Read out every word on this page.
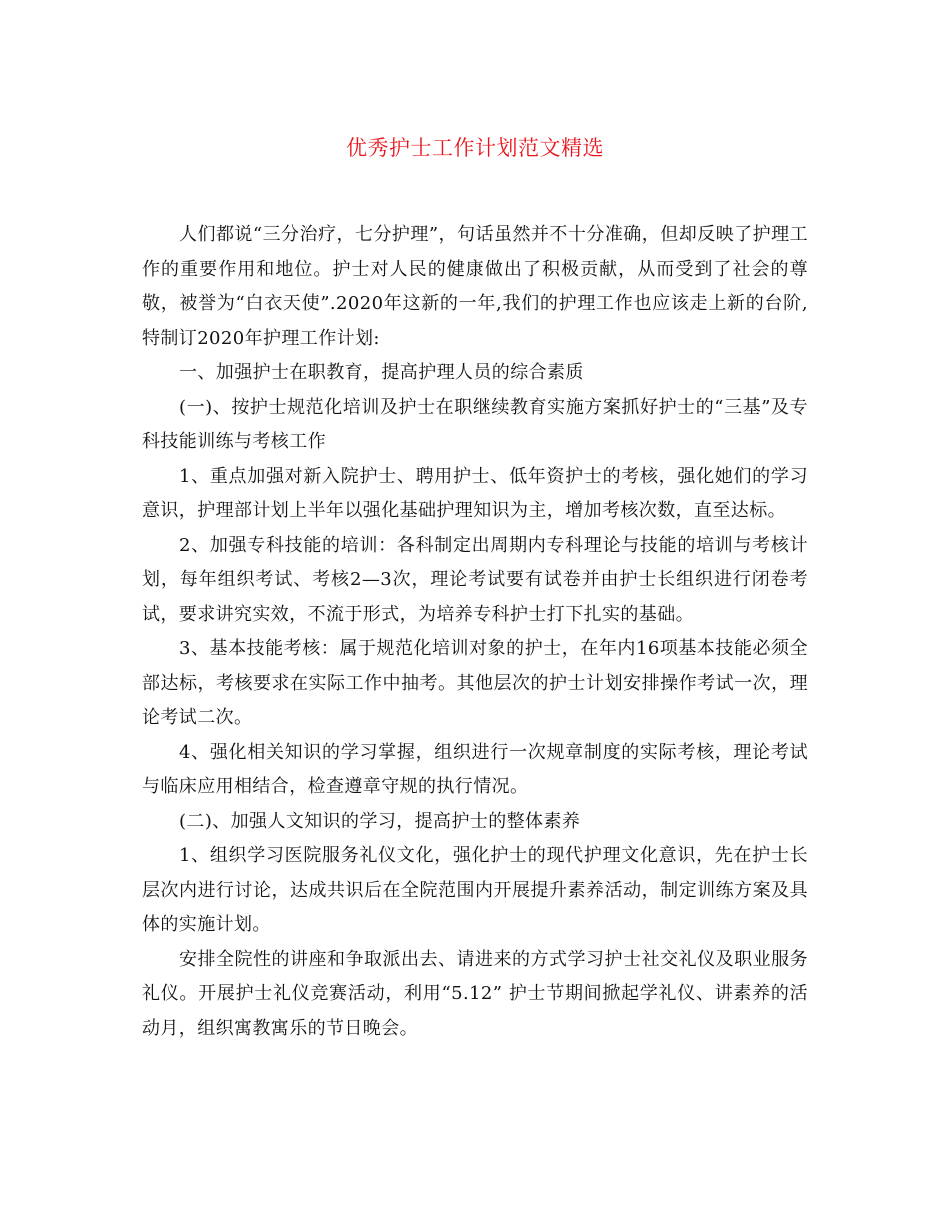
优秀护士工作计划范文精选

人们都说“三分治疗，七分护理”，句话虽然并不十分准确，但却反映了护理工作的重要作用和地位。护士对人民的健康做出了积极贡献，从而受到了社会的尊敬，被誉为“白衣天使”.2020年这新的一年,我们的护理工作也应该走上新的台阶,特制订2020年护理工作计划:

一、加强护士在职教育，提高护理人员的综合素质

(一)、按护士规范化培训及护士在职继续教育实施方案抓好护士的“三基”及专科技能训练与考核工作

1、重点加强对新入院护士、聘用护士、低年资护士的考核，强化她们的学习意识，护理部计划上半年以强化基础护理知识为主，增加考核次数，直至达标。

2、加强专科技能的培训：各科制定出周期内专科理论与技能的培训与考核计划，每年组织考试、考核2—3次，理论考试要有试卷并由护士长组织进行闭卷考试，要求讲究实效，不流于形式，为培养专科护士打下扎实的基础。

3、基本技能考核：属于规范化培训对象的护士，在年内16项基本技能必须全部达标，考核要求在实际工作中抽考。其他层次的护士计划安排操作考试一次，理论考试二次。

4、强化相关知识的学习掌握，组织进行一次规章制度的实际考核，理论考试与临床应用相结合，检查遵章守规的执行情况。

(二)、加强人文知识的学习，提高护士的整体素养

1、组织学习医院服务礼仪文化，强化护士的现代护理文化意识，先在护士长层次内进行讨论，达成共识后在全院范围内开展提升素养活动，制定训练方案及具体的实施计划。

安排全院性的讲座和争取派出去、请进来的方式学习护士社交礼仪及职业服务礼仪。开展护士礼仪竞赛活动，利用“5.12” 护士节期间掀起学礼仪、讲素养的活动月，组织寓教寓乐的节日晚会。
